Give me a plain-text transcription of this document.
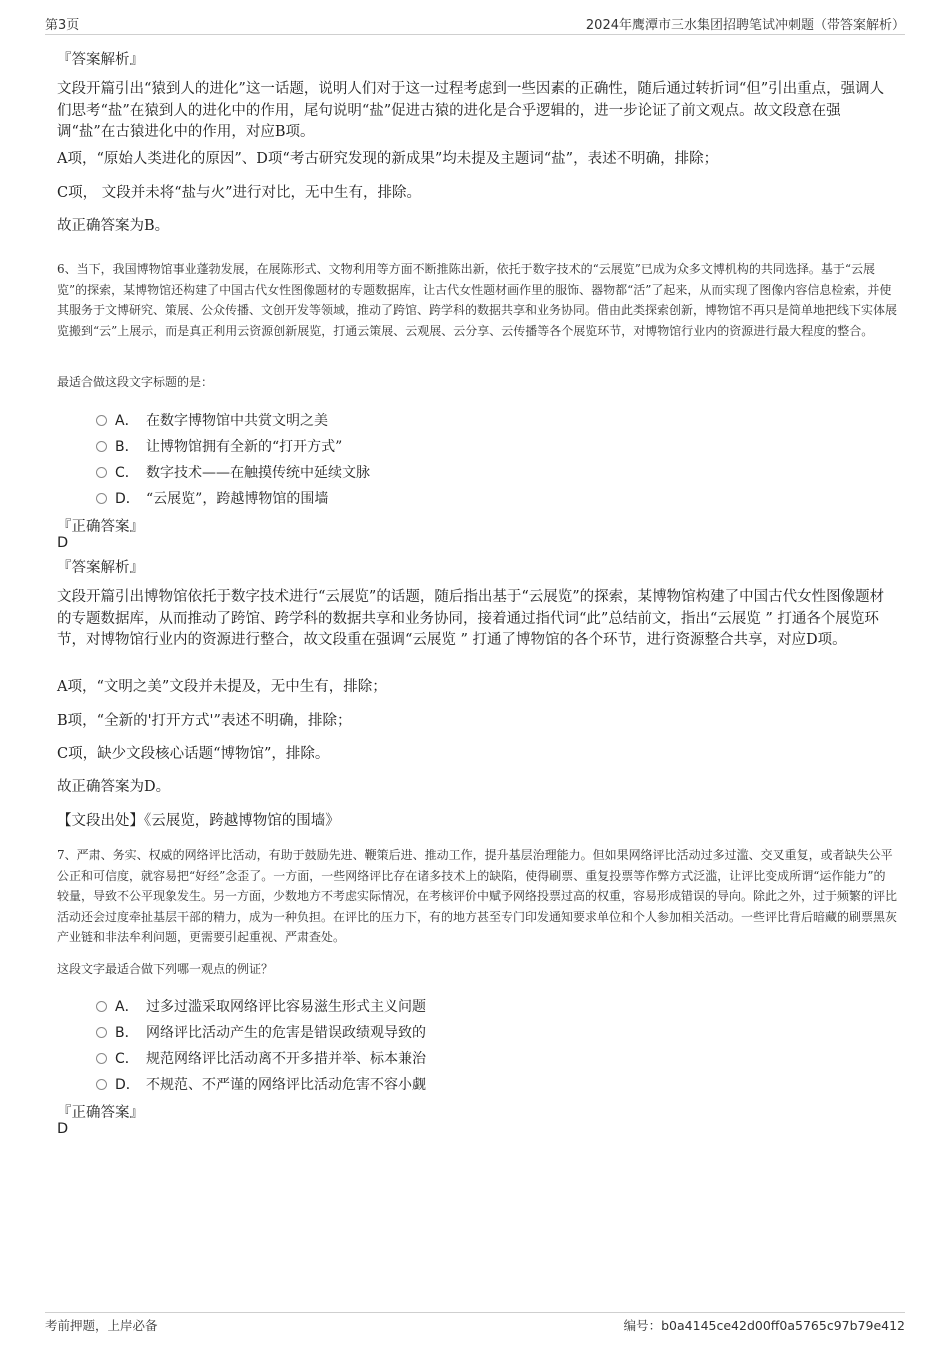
第3页	2024年鹰潭市三水集团招聘笔试冲刺题（带答案解析）
『答案解析』

文段开篇引出“猿到人的进化”这一话题，说明人们对于这一过程考虑到一些因素的正确性，随后通过转折词“但”引出重点，强调人们思考“盐”在猿到人的进化中的作用，尾句说明“盐”促进古猿的进化是合乎逻辑的，进一步论证了前文观点。故文段意在强调“盐”在古猿进化中的作用，对应B项。

A项，“原始人类进化的原因”、D项“考古研究发现的新成果”均未提及主题词“盐”，表述不明确，排除；

C项， 文段并未将“盐与火”进行对比，无中生有，排除。

故正确答案为B。

6、当下，我国博物馆事业蓬勃发展，在展陈形式、文物利用等方面不断推陈出新，依托于数字技术的“云展览”已成为众多文博机构的共同选择。基于“云展览”的探索，某博物馆还构建了中国古代女性图像题材的专题数据库，让古代女性题材画作里的服饰、器物都“活”了起来，从而实现了图像内容信息检索，并使其服务于文博研究、策展、公众传播、文创开发等领域，推动了跨馆、跨学科的数据共享和业务协同。借由此类探索创新，博物馆不再只是简单地把线下实体展览搬到“云”上展示，而是真正利用云资源创新展览，打通云策展、云观展、云分享、云传播等各个展览环节，对博物馆行业内的资源进行最大程度的整合。

最适合做这段文字标题的是：
A． 在数字博物馆中共赏文明之美
B． 让博物馆拥有全新的“打开方式”
C． 数字技术——在触摸传统中延续文脉
D． “云展览”，跨越博物馆的围墙
『正确答案』
D
『答案解析』

文段开篇引出博物馆依托于数字技术进行“云展览”的话题，随后指出基于“云展览”的探索，某博物馆构建了中国古代女性图像题材的专题数据库，从而推动了跨馆、跨学科的数据共享和业务协同，接着通过指代词“此”总结前文，指出“云展览 ” 打通各个展览环节，对博物馆行业内的资源进行整合，故文段重在强调“云展览 ” 打通了博物馆的各个环节，进行资源整合共享，对应D项。

A项，“文明之美”文段并未提及，无中生有，排除；

B项，“全新的'打开方式'”表述不明确，排除；

C项，缺少文段核心话题“博物馆”，排除。

故正确答案为D。

【文段出处】《云展览，跨越博物馆的围墙》

7、严肃、务实、权威的网络评比活动，有助于鼓励先进、鞭策后进、推动工作，提升基层治理能力。但如果网络评比活动过多过滥、交叉重复，或者缺失公平公正和可信度，就容易把“好经”念歪了。一方面，一些网络评比存在诸多技术上的缺陷，使得刷票、重复投票等作弊方式泛滥，让评比变成所谓“运作能力”的较量，导致不公平现象发生。另一方面，少数地方不考虑实际情况，在考核评价中赋予网络投票过高的权重，容易形成错误的导向。除此之外，过于频繁的评比活动还会过度牵扯基层干部的精力，成为一种负担。在评比的压力下，有的地方甚至专门印发通知要求单位和个人参加相关活动。一些评比背后暗藏的刷票黑灰产业链和非法牟利问题，更需要引起重视、严肃查处。

这段文字最适合做下列哪一观点的例证？
A． 过多过滥采取网络评比容易滋生形式主义问题
B． 网络评比活动产生的危害是错误政绩观导致的
C． 规范网络评比活动离不开多措并举、标本兼治
D． 不规范、不严谨的网络评比活动危害不容小觑
『正确答案』
D
考前押题，上岸必备	编号：b0a4145ce42d00ff0a5765c97b79e412
